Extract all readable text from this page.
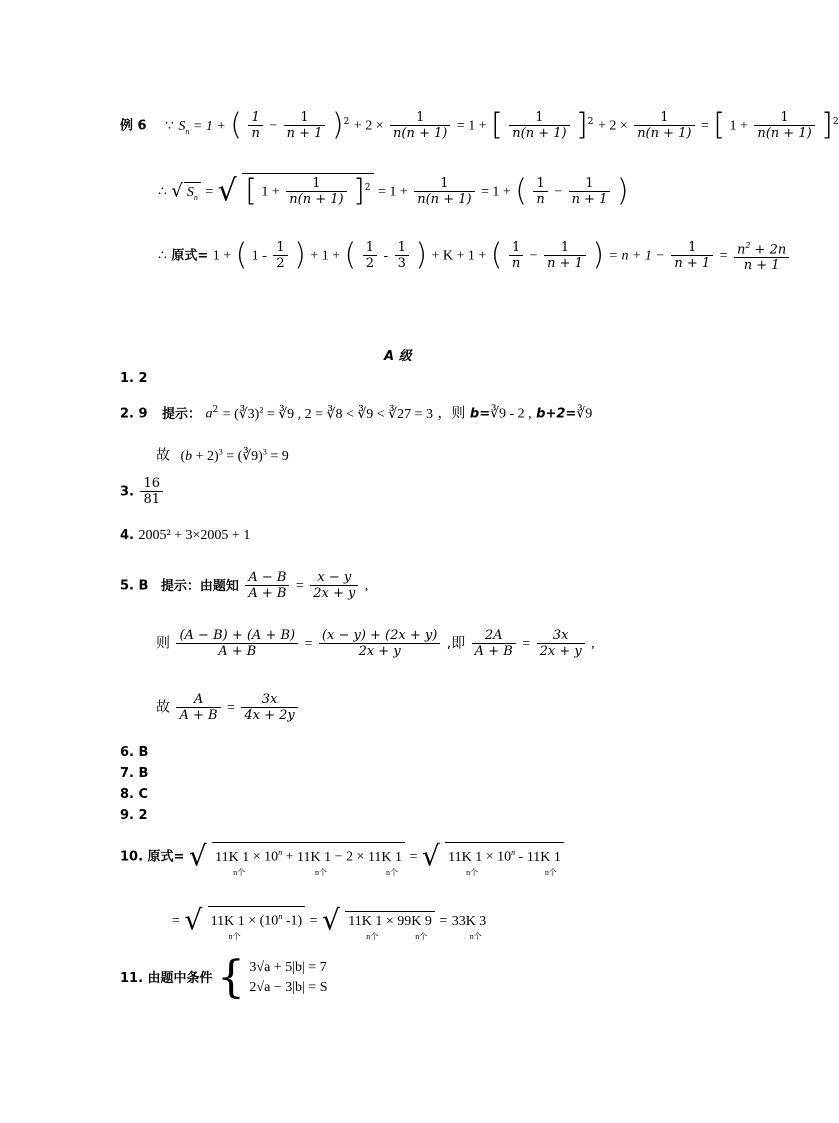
例 6 ∵ $S_n = 1$ + ( $\frac{1}{n} - \frac{1}{n + 1} )^2 + 2 \times \frac{1}{n(n + 1)} = 1$ + [ $\frac{1}{n(n + 1)} ]^2 + 2 \times \frac{1}{n(n + 1)}$ = [ $1 + \frac{1}{n(n + 1)} ]^2$
∴ √ $S_n$ = √ [ $1 + \frac{1}{n(n + 1)} ]^2 = 1 + \frac{1}{n(n + 1)} = 1$ + ( $\frac{1}{n} - \frac{1}{n + 1}$ )
∴ 原式= 1 + ( $1 - \frac{1}{2}$ ) + 1 + ( $\frac{1}{2} - \frac{1}{3}$ ) + K + 1 + ( $\frac{1}{n} - \frac{1}{n + 1}$ ) = $n + 1 - \frac{1}{n + 1} = \frac{n^2 + 2n}{n + 1}$
A 级
1. 2
2. 9 提示： $a^2$ = (∛3)$^2$ = ∛9 , 2 = ∛8 < ∛9 < ∛27 = 3 ，则 b=∛9 - 2 , b+2=∛9
故 $(b + 2)^3$ = (∛9)$^3$ = 9
3. $\frac{16}{81}$
4. 2005² + 3×2005 + 1
5. B 提示：由题知 $\frac{A - B}{A + B} = \frac{x - y}{2x + y}$ ,
则 $\frac{(A - B) + (A + B)}{A + B} = \frac{(x - y) + (2x + y)}{2x + y}$ ,即 $\frac{2A}{A + B} = \frac{3x}{2x + y}$ ,
故 $\frac{A}{A + B} = \frac{3x}{4x + 2y}$
6. B
7. B
8. C
9. 2
10. 原式= √ 11K 1
n个
× $10^n + 11K$ 1
n个
− 2 × 11K 1
n个
= √ 11K 1
n个
× $10^n - 11K$ 1
n个
= √ 11K 1
n个
× ($10^n$ -1) = √ 11K 1
n个
× 99K 9
n个
= 33K 3
n个
11. 由题中条件 { 3√a + 5|b| = 7
2√a − 3|b| = S
